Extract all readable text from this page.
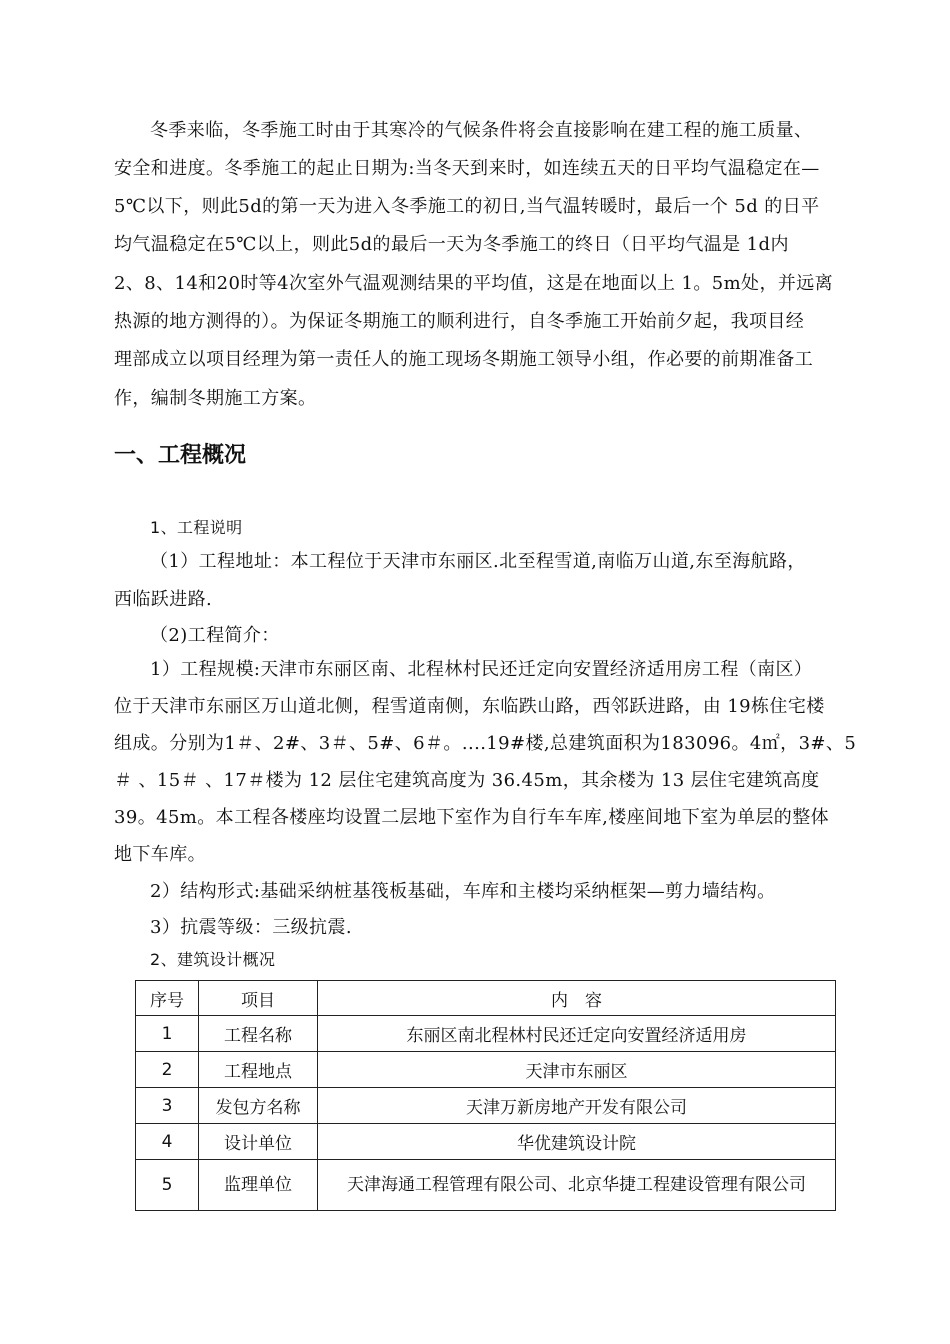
冬季来临，冬季施工时由于其寒冷的气候条件将会直接影响在建工程的施工质量、
安全和进度。冬季施工的起止日期为:当冬天到来时，如连续五天的日平均气温稳定在—
5℃以下，则此5d的第一天为进入冬季施工的初日,当气温转暖时，最后一个 5d 的日平
均气温稳定在5℃以上，则此5d的最后一天为冬季施工的终日（日平均气温是 1d内
2、8、14和20时等4次室外气温观测结果的平均值，这是在地面以上 1。5m处，并远离
热源的地方测得的）。为保证冬期施工的顺利进行，自冬季施工开始前夕起，我项目经
理部成立以项目经理为第一责任人的施工现场冬期施工领导小组，作必要的前期准备工
作，编制冬期施工方案。
一、工程概况
1、工程说明
（1）工程地址：本工程位于天津市东丽区.北至程雪道,南临万山道,东至海航路，
西临跃进路.
（2)工程简介：
1）工程规模:天津市东丽区南、北程林村民还迁定向安置经济适用房工程（南区）
位于天津市东丽区万山道北侧，程雪道南侧，东临跌山路，西邻跃进路，由 19栋住宅楼
组成。分别为1＃、2#、3＃、5#、6＃。....19#楼,总建筑面积为183096。4㎡，3#、5
＃ 、15＃ 、17＃楼为 12 层住宅建筑高度为 36.45m，其余楼为 13 层住宅建筑高度
39。45m。本工程各楼座均设置二层地下室作为自行车车库,楼座间地下室为单层的整体
地下车库。
2）结构形式:基础采纳桩基筏板基础，车库和主楼均采纳框架—剪力墙结构。
3）抗震等级：三级抗震.
2、建筑设计概况
序号	项目	内　容
1	工程名称	东丽区南北程林村民还迁定向安置经济适用房
2	工程地点	天津市东丽区
3	发包方名称	天津万新房地产开发有限公司
4	设计单位	华优建筑设计院
5	监理单位	天津海通工程管理有限公司、北京华捷工程建设管理有限公司
